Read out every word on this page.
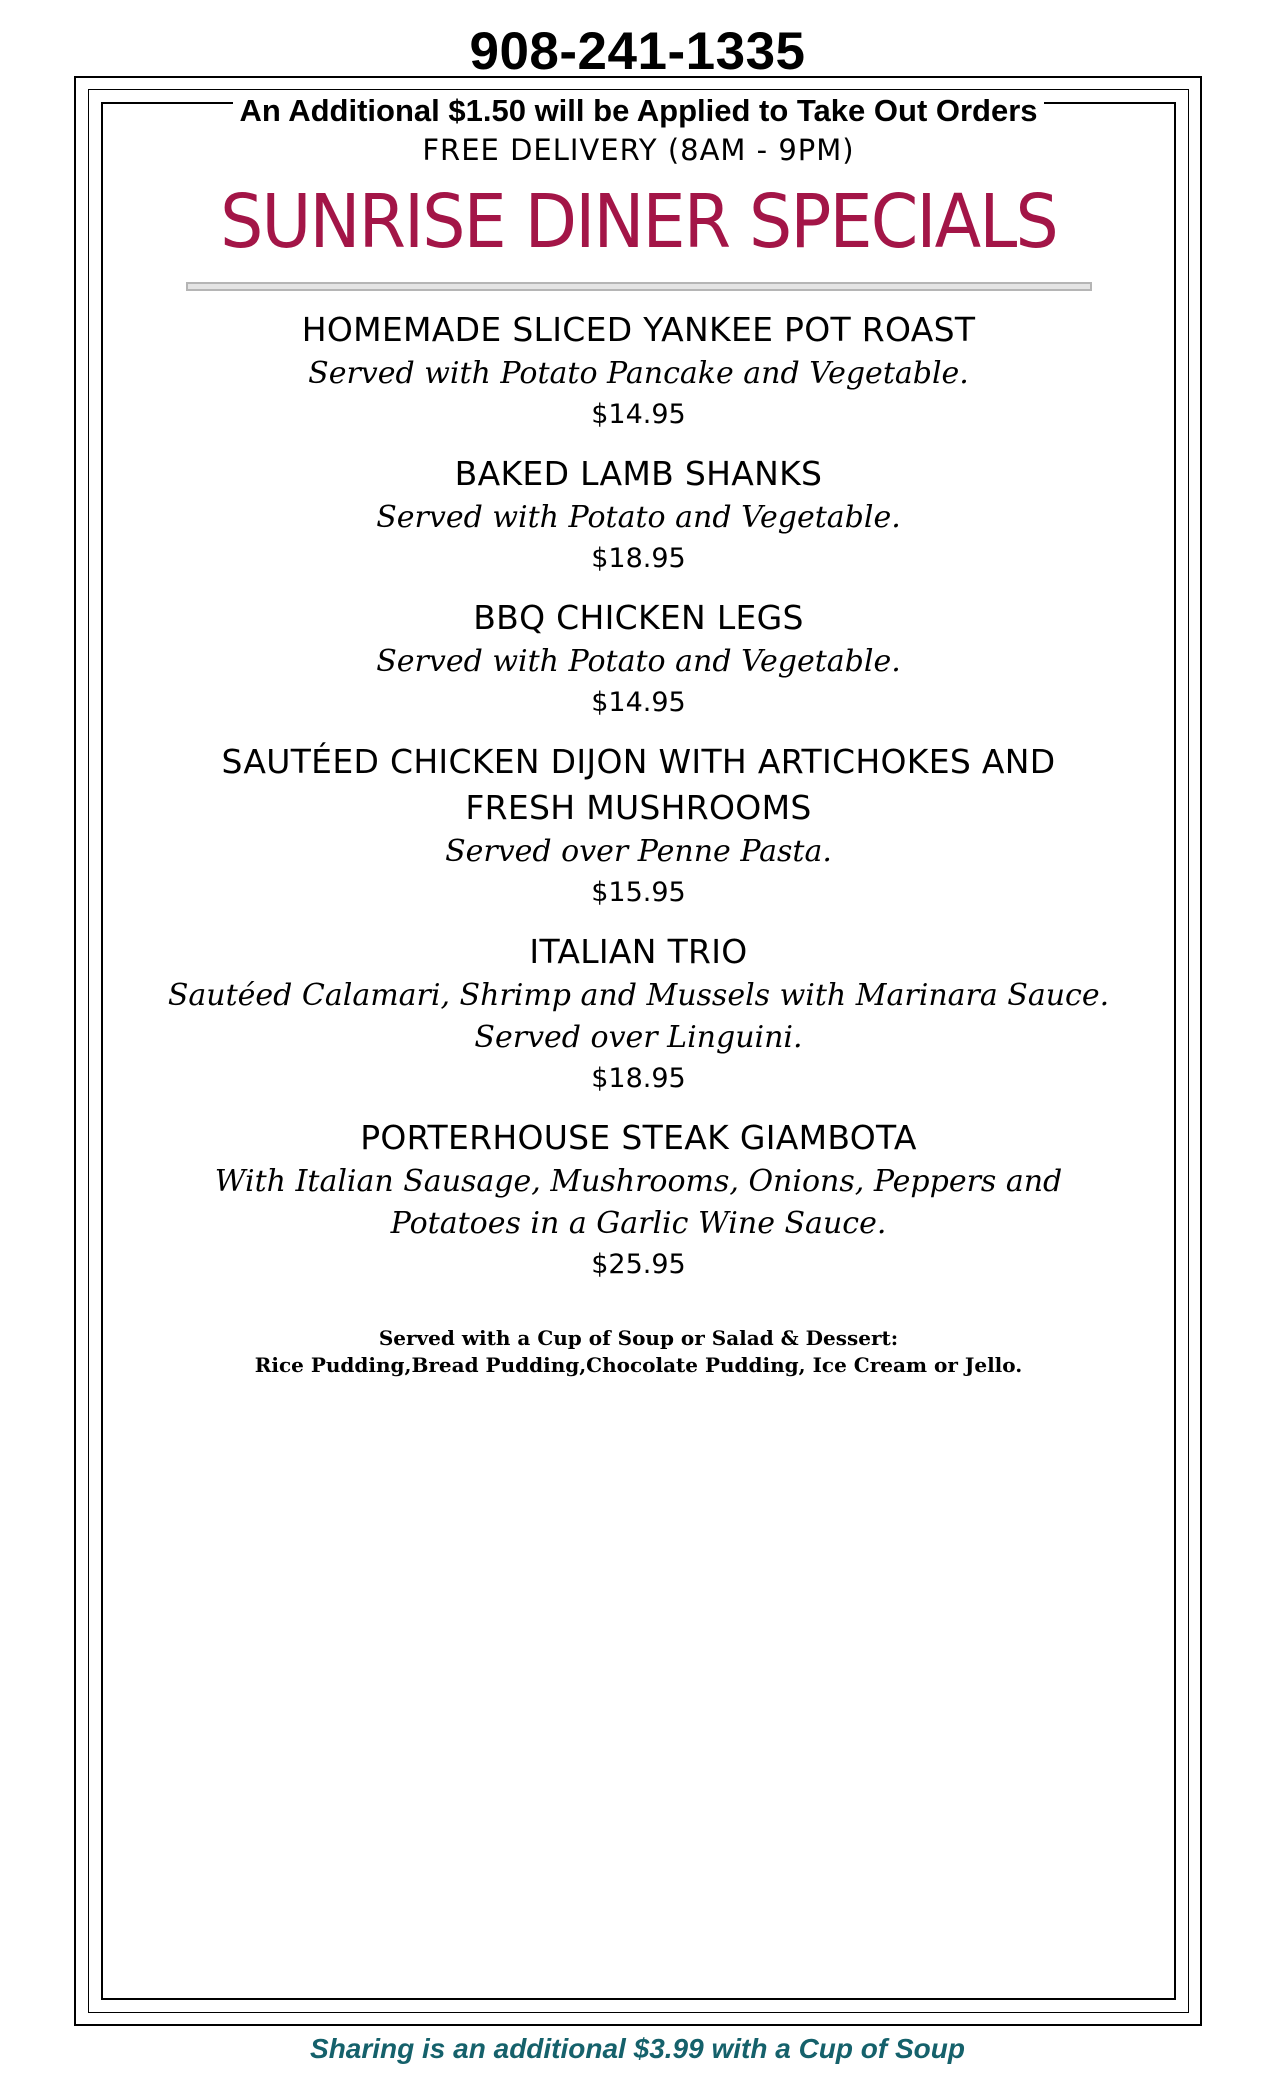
908-241-1335
An Additional $1.50 will be Applied to Take Out Orders
FREE DELIVERY (8AM - 9PM)
SUNRISE DINER SPECIALS
HOMEMADE SLICED YANKEE POT ROAST
Served with Potato Pancake and Vegetable.
$14.95
BAKED LAMB SHANKS
Served with Potato and Vegetable.
$18.95
BBQ CHICKEN LEGS
Served with Potato and Vegetable.
$14.95
SAUTÉED CHICKEN DIJON WITH ARTICHOKES AND
FRESH MUSHROOMS
Served over Penne Pasta.
$15.95
ITALIAN TRIO
Sautéed Calamari, Shrimp and Mussels with Marinara Sauce.
Served over Linguini.
$18.95
PORTERHOUSE STEAK GIAMBOTA
With Italian Sausage, Mushrooms, Onions, Peppers and
Potatoes in a Garlic Wine Sauce.
$25.95
Served with a Cup of Soup or Salad & Dessert:
Rice Pudding,Bread Pudding,Chocolate Pudding, Ice Cream or Jello.
Sharing is an additional $3.99 with a Cup of Soup
